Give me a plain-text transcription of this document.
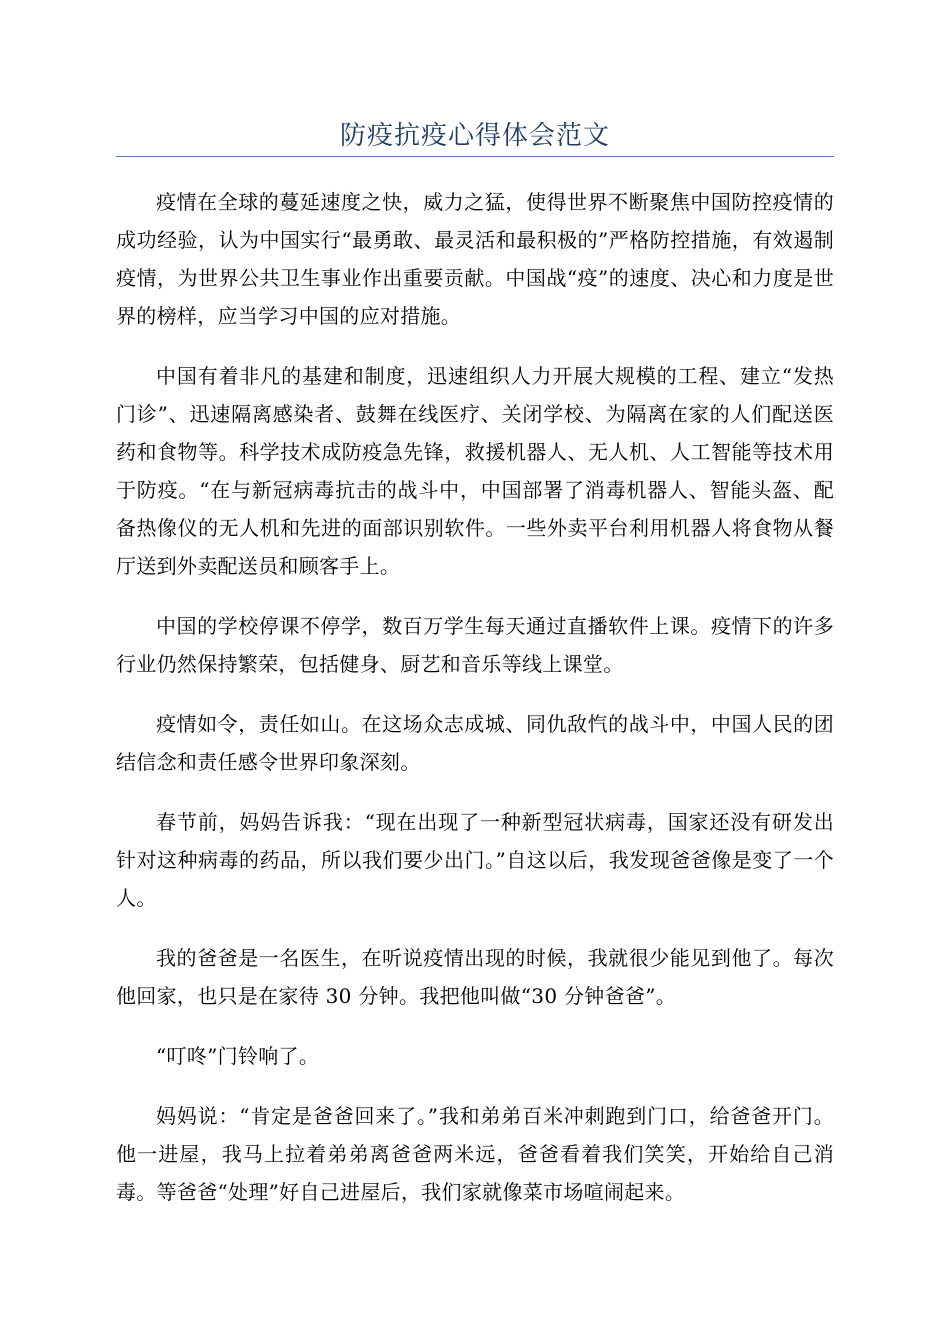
防疫抗疫心得体会范文

疫情在全球的蔓延速度之快，威力之猛，使得世界不断聚焦中国防控疫情的成功经验，认为中国实行“最勇敢、最灵活和最积极的”严格防控措施，有效遏制疫情，为世界公共卫生事业作出重要贡献。中国战“疫”的速度、决心和力度是世界的榜样，应当学习中国的应对措施。

中国有着非凡的基建和制度，迅速组织人力开展大规模的工程、建立“发热门诊”、迅速隔离感染者、鼓舞在线医疗、关闭学校、为隔离在家的人们配送医药和食物等。科学技术成防疫急先锋，救援机器人、无人机、人工智能等技术用于防疫。“在与新冠病毒抗击的战斗中，中国部署了消毒机器人、智能头盔、配备热像仪的无人机和先进的面部识别软件。一些外卖平台利用机器人将食物从餐厅送到外卖配送员和顾客手上。

中国的学校停课不停学，数百万学生每天通过直播软件上课。疫情下的许多行业仍然保持繁荣，包括健身、厨艺和音乐等线上课堂。

疫情如令，责任如山。在这场众志成城、同仇敌忾的战斗中，中国人民的团结信念和责任感令世界印象深刻。

春节前，妈妈告诉我：“现在出现了一种新型冠状病毒，国家还没有研发出针对这种病毒的药品，所以我们要少出门。”自这以后，我发现爸爸像是变了一个人。

我的爸爸是一名医生，在听说疫情出现的时候，我就很少能见到他了。每次他回家，也只是在家待 30 分钟。我把他叫做“30 分钟爸爸”。

“叮咚”门铃响了。

妈妈说：“肯定是爸爸回来了。”我和弟弟百米冲刺跑到门口，给爸爸开门。他一进屋，我马上拉着弟弟离爸爸两米远，爸爸看着我们笑笑，开始给自己消毒。等爸爸“处理”好自己进屋后，我们家就像菜市场喧闹起来。
